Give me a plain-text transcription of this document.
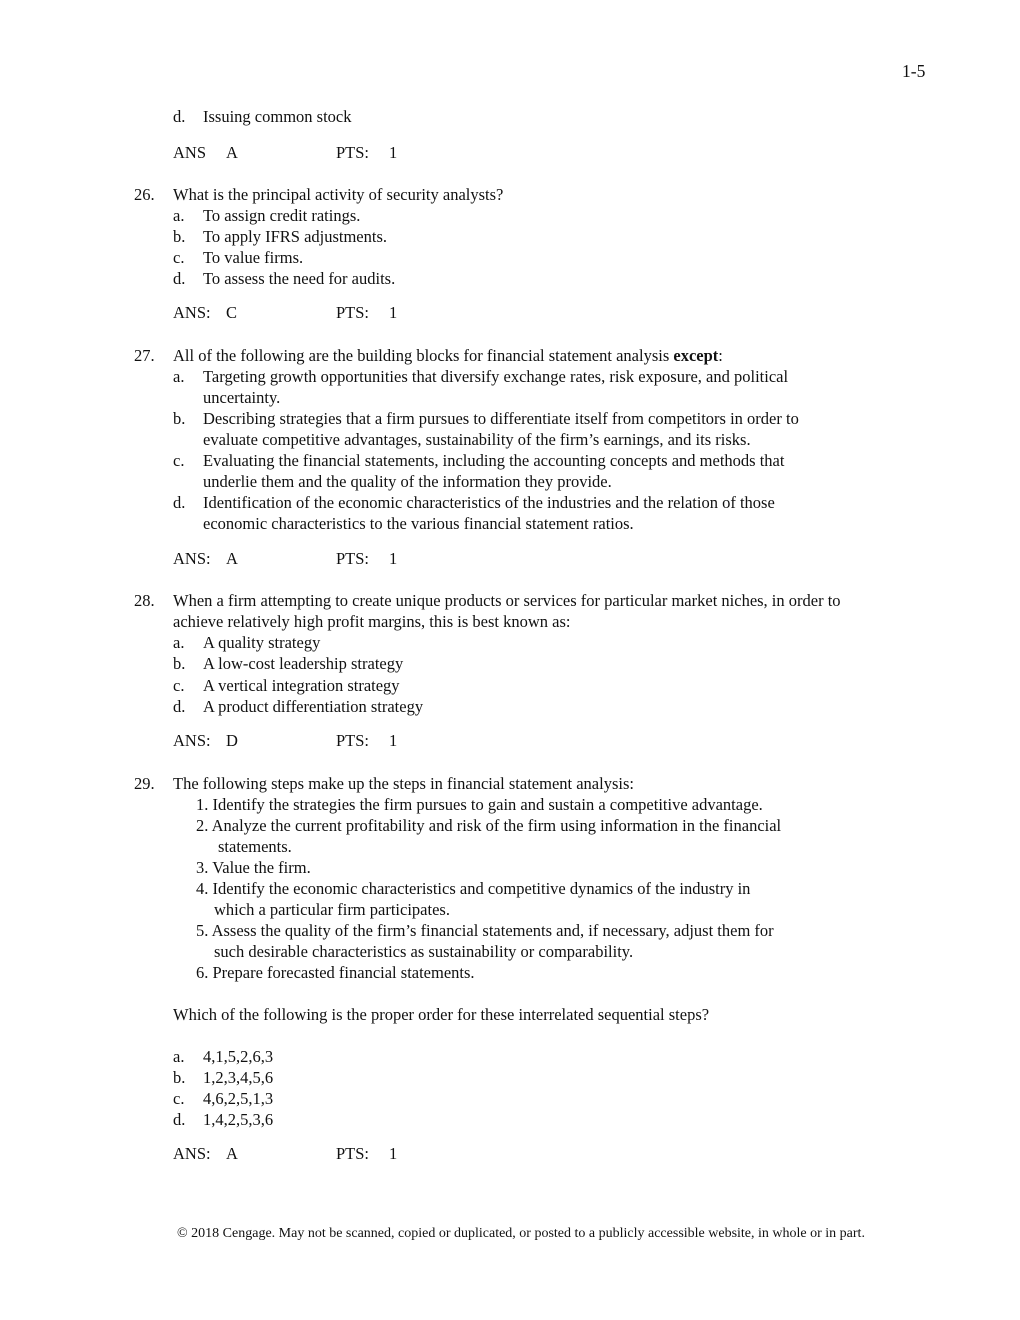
1-5
d. Issuing common stock
ANS A	PTS: 1
26. What is the principal activity of security analysts?
a. To assign credit ratings.
b. To apply IFRS adjustments.
c. To value firms.
d. To assess the need for audits.
ANS: C	PTS: 1
27. All of the following are the building blocks for financial statement analysis except:
a. Targeting growth opportunities that diversify exchange rates, risk exposure, and political
uncertainty.
b. Describing strategies that a firm pursues to differentiate itself from competitors in order to
evaluate competitive advantages, sustainability of the firm’s earnings, and its risks.
c. Evaluating the financial statements, including the accounting concepts and methods that
underlie them and the quality of the information they provide.
d. Identification of the economic characteristics of the industries and the relation of those
economic characteristics to the various financial statement ratios.
ANS: A	PTS: 1
28. When a firm attempting to create unique products or services for particular market niches, in order to
achieve relatively high profit margins, this is best known as:
a. A quality strategy
b. A low-cost leadership strategy
c. A vertical integration strategy
d. A product differentiation strategy
ANS: D	PTS: 1
29. The following steps make up the steps in financial statement analysis:
1. Identify the strategies the firm pursues to gain and sustain a competitive advantage.
2. Analyze the current profitability and risk of the firm using information in the financial
statements.
3. Value the firm.
4. Identify the economic characteristics and competitive dynamics of the industry in
which a particular firm participates.
5. Assess the quality of the firm’s financial statements and, if necessary, adjust them for
such desirable characteristics as sustainability or comparability.
6. Prepare forecasted financial statements.
Which of the following is the proper order for these interrelated sequential steps?
a. 4,1,5,2,6,3
b. 1,2,3,4,5,6
c. 4,6,2,5,1,3
d. 1,4,2,5,3,6
ANS: A	PTS: 1
© 2018 Cengage. May not be scanned, copied or duplicated, or posted to a publicly accessible website, in whole or in part.
